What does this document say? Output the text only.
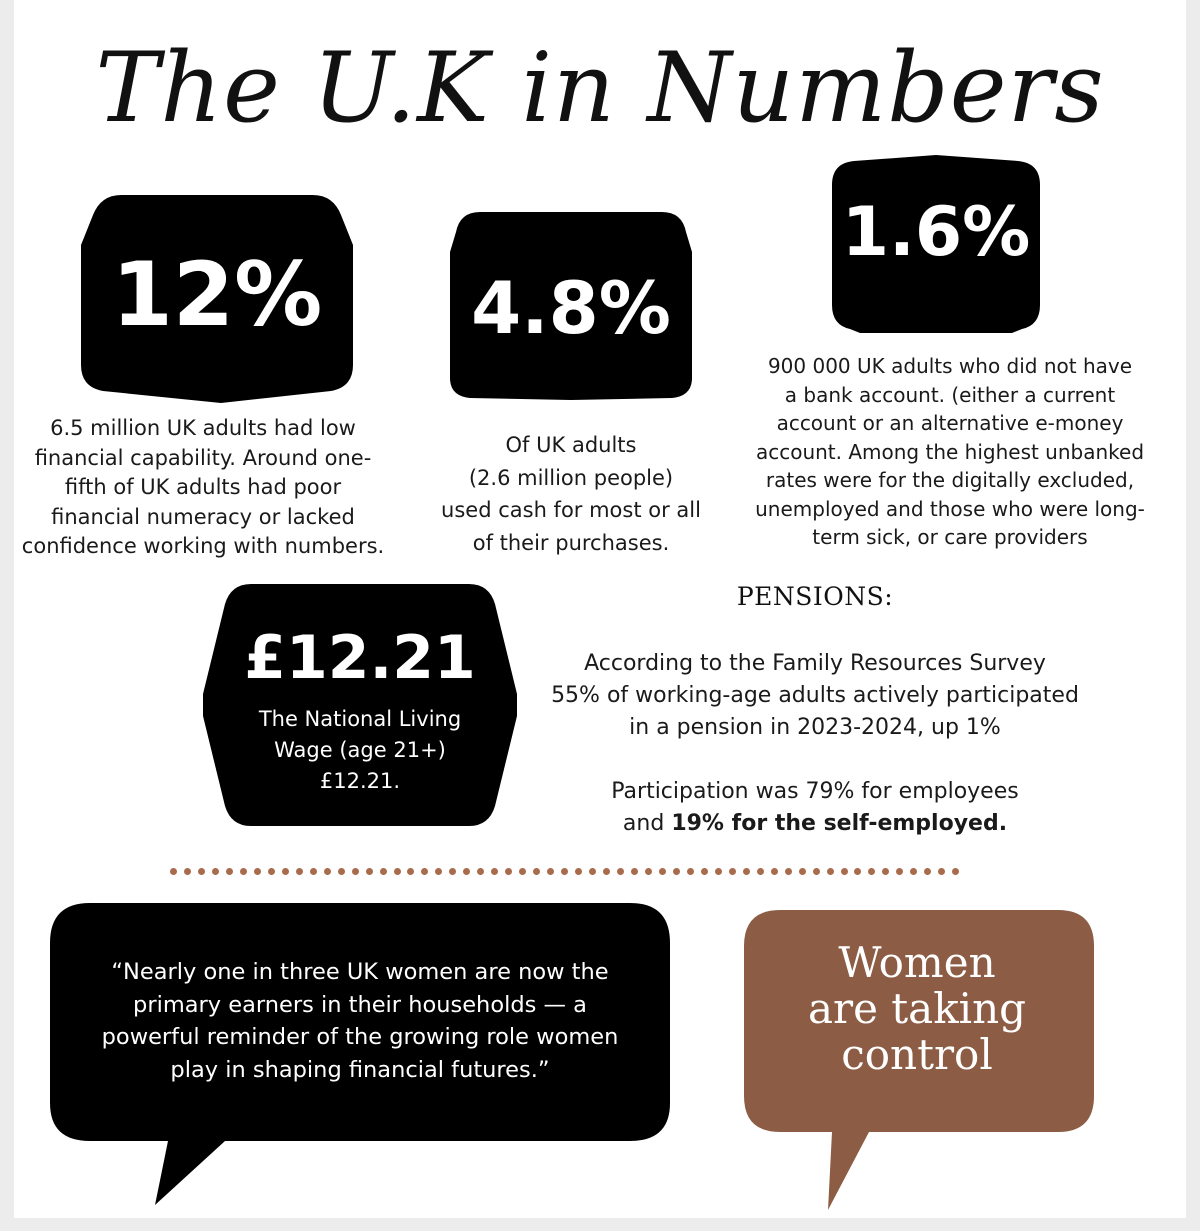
The U.K in Numbers
12%

6.5 million UK adults had low

financial capability. Around one-

fifth of UK adults had poor

financial numeracy or lacked

confidence working with numbers.

4.8%

Of UK adults

(2.6 million people)

used cash for most or all

of their purchases.

1.6%

900 000 UK adults who did not have

a bank account. (either a current

account or an alternative e-money

account. Among the highest unbanked

rates were for the digitally excluded,

unemployed and those who were long-

term sick, or care providers

£12.21
The National Living
Wage (age 21+)
£12.21.
PENSIONS:

According to the Family Resources Survey

55% of working-age adults actively participated

in a pension in 2023-2024, up 1%

Participation was 79% for employees

and 19% for the self-employed.

“Nearly one in three UK women are now the

primary earners in their households — a

powerful reminder of the growing role women

play in shaping financial futures.”

Women

are taking

control
